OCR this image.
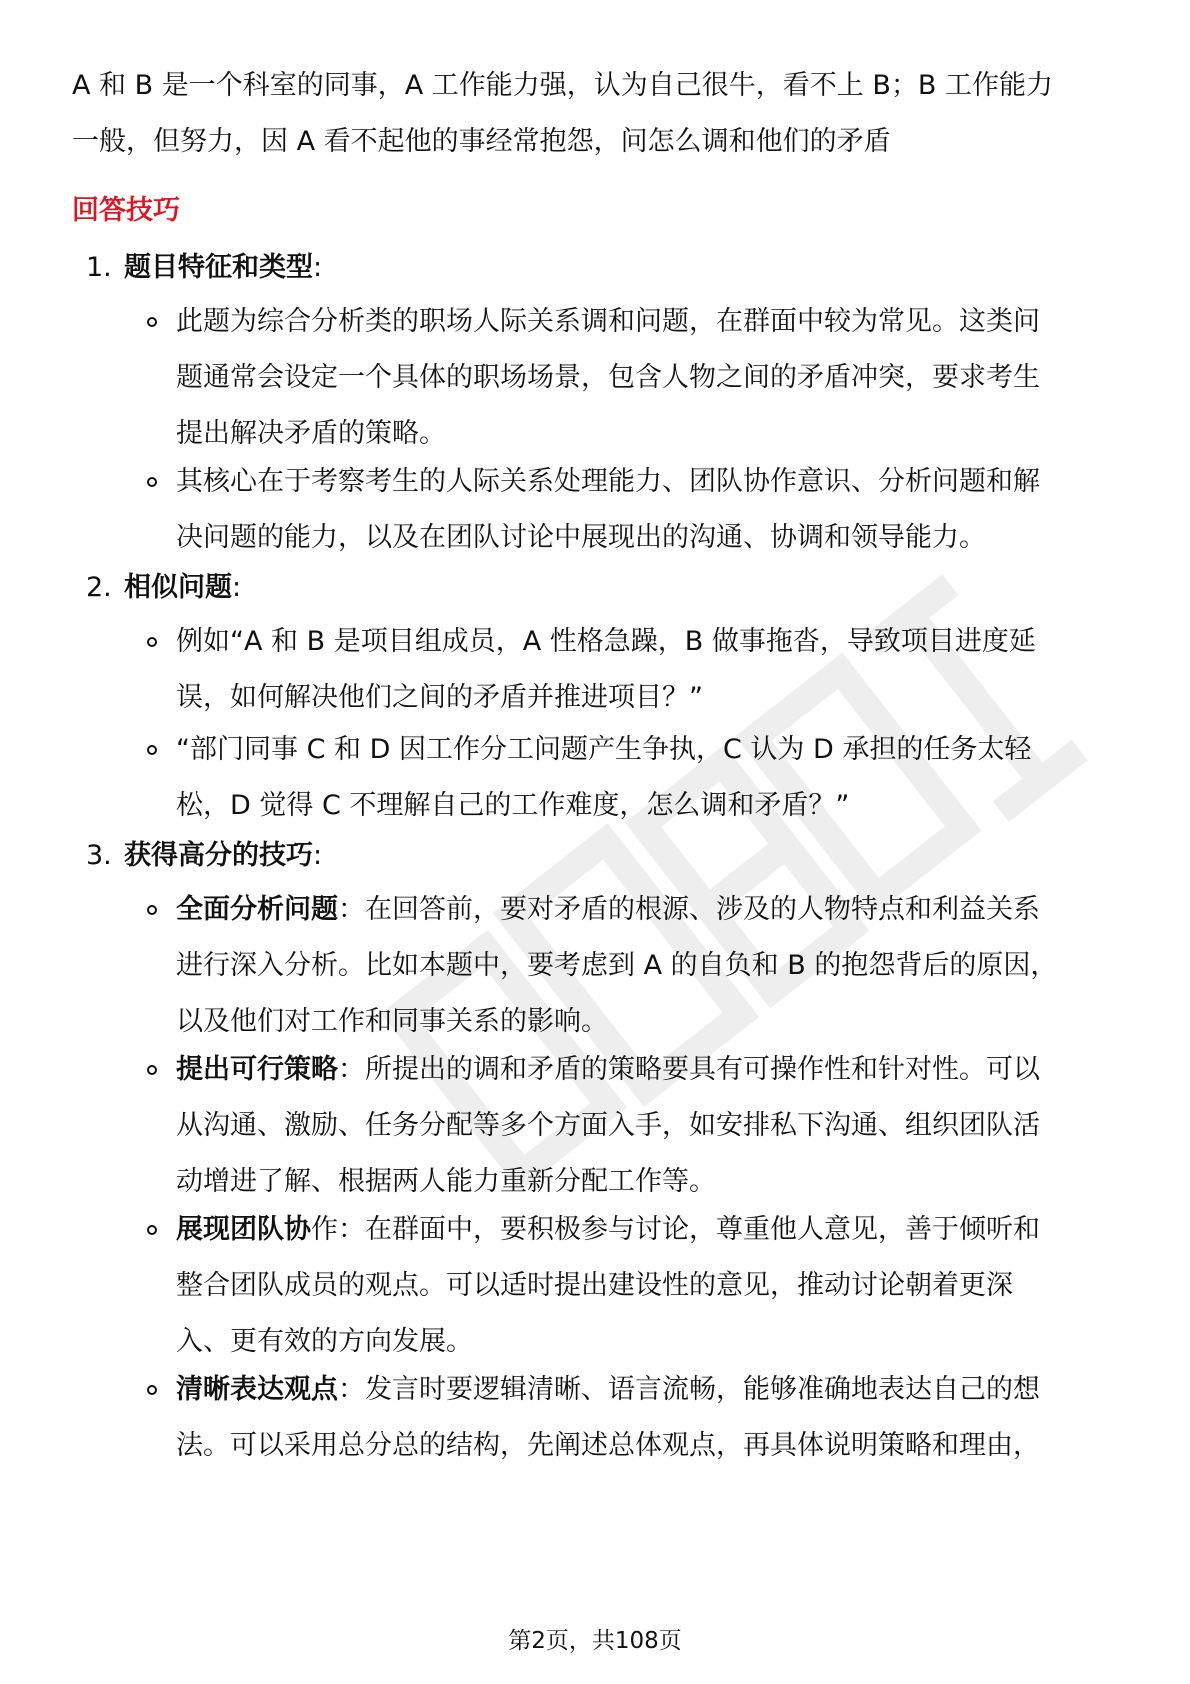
A 和 B 是一个科室的同事，A 工作能力强，认为自己很牛，看不上 B；B 工作能力

一般，但努力，因 A 看不起他的事经常抱怨，问怎么调和他们的矛盾

回答技巧
1. 题目特征和类型:

此题为综合分析类的职场人际关系调和问题，在群面中较为常见。这类问

题通常会设定一个具体的职场场景，包含人物之间的矛盾冲突，要求考生

提出解决矛盾的策略。

其核心在于考察考生的人际关系处理能力、团队协作意识、分析问题和解

决问题的能力，以及在团队讨论中展现出的沟通、协调和领导能力。

2. 相似问题:

例如“A 和 B 是项目组成员，A 性格急躁，B 做事拖沓，导致项目进度延

误，如何解决他们之间的矛盾并推进项目？”

“部门同事 C 和 D 因工作分工问题产生争执，C 认为 D 承担的任务太轻

松，D 觉得 C 不理解自己的工作难度，怎么调和矛盾？”

3. 获得高分的技巧:

全面分析问题：在回答前，要对矛盾的根源、涉及的人物特点和利益关系

进行深入分析。比如本题中，要考虑到 A 的自负和 B 的抱怨背后的原因，

以及他们对工作和同事关系的影响。

提出可行策略：所提出的调和矛盾的策略要具有可操作性和针对性。可以

从沟通、激励、任务分配等多个方面入手，如安排私下沟通、组织团队活

动增进了解、根据两人能力重新分配工作等。

展现团队协作：在群面中，要积极参与讨论，尊重他人意见，善于倾听和

整合团队成员的观点。可以适时提出建设性的意见，推动讨论朝着更深

入、更有效的方向发展。

清晰表达观点：发言时要逻辑清晰、语言流畅，能够准确地表达自己的想

法。可以采用总分总的结构，先阐述总体观点，再具体说明策略和理由，

第2页，共108页
